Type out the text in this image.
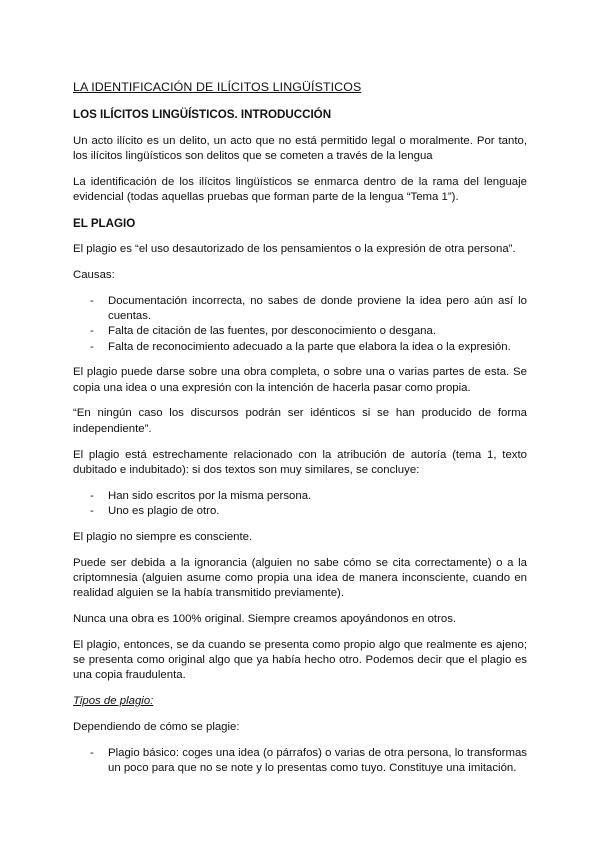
LA IDENTIFICACIÓN DE ILÍCITOS LINGÜÍSTICOS
LOS ILÍCITOS LINGÜÍSTICOS. INTRODUCCIÓN

Un acto ilícito es un delito, un acto que no está permitido legal o moralmente. Por tanto, los ilícitos lingüísticos son delitos que se cometen a través de la lengua

La identificación de los ilícitos lingüísticos se enmarca dentro de la rama del lenguaje evidencial (todas aquellas pruebas que forman parte de la lengua “Tema 1”).

EL PLAGIO

El plagio es “el uso desautorizado de los pensamientos o la expresión de otra persona”.

Causas:

- Documentación incorrecta, no sabes de donde proviene la idea pero aún así lo cuentas.
- Falta de citación de las fuentes, por desconocimiento o desgana.
- Falta de reconocimiento adecuado a la parte que elabora la idea o la expresión.

El plagio puede darse sobre una obra completa, o sobre una o varias partes de esta. Se copia una idea o una expresión con la intención de hacerla pasar como propia.

“En ningún caso los discursos podrán ser idénticos si se han producido de forma independiente”.

El plagio está estrechamente relacionado con la atribución de autoría (tema 1, texto dubitado e indubitado): si dos textos son muy similares, se concluye:

- Han sido escritos por la misma persona.
- Uno es plagio de otro.

El plagio no siempre es consciente.

Puede ser debida a la ignorancia (alguien no sabe cómo se cita correctamente) o a la criptomnesia (alguien asume como propia una idea de manera inconsciente, cuando en realidad alguien se la había transmitido previamente).

Nunca una obra es 100% original. Siempre creamos apoyándonos en otros.

El plagio, entonces, se da cuando se presenta como propio algo que realmente es ajeno; se presenta como original algo que ya había hecho otro. Podemos decir que el plagio es una copia fraudulenta.

Tipos de plagio:

Dependiendo de cómo se plagie:

- Plagio básico: coges una idea (o párrafos) o varias de otra persona, lo transformas un poco para que no se note y lo presentas como tuyo. Constituye una imitación.
